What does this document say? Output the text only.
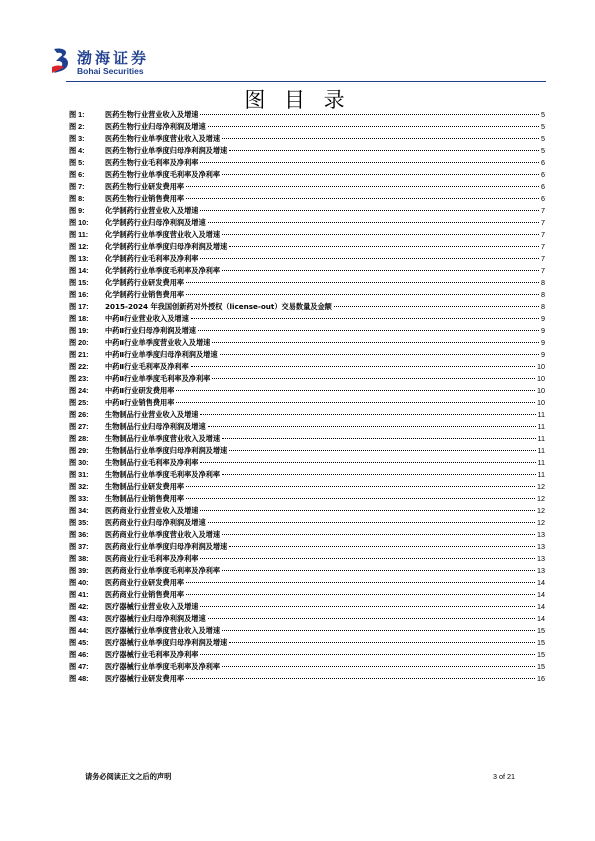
渤海证券
Bohai Securities
图 目 录
图 1:	医药生物行业营业收入及增速	5
图 2:	医药生物行业归母净利润及增速	5
图 3:	医药生物行业单季度营业收入及增速	5
图 4:	医药生物行业单季度归母净利润及增速	5
图 5:	医药生物行业毛利率及净利率	6
图 6:	医药生物行业单季度毛利率及净利率	6
图 7:	医药生物行业研发费用率	6
图 8:	医药生物行业销售费用率	6
图 9:	化学制药行业营业收入及增速	7
图 10:	化学制药行业归母净利润及增速	7
图 11:	化学制药行业单季度营业收入及增速	7
图 12:	化学制药行业单季度归母净利润及增速	7
图 13:	化学制药行业毛利率及净利率	7
图 14:	化学制药行业单季度毛利率及净利率	7
图 15:	化学制药行业研发费用率	8
图 16:	化学制药行业销售费用率	8
图 17:	2015-2024 年我国创新药对外授权（license-out）交易数量及金额	8
图 18:	中药Ⅱ行业营业收入及增速	9
图 19:	中药Ⅱ行业归母净利润及增速	9
图 20:	中药Ⅱ行业单季度营业收入及增速	9
图 21:	中药Ⅱ行业单季度归母净利润及增速	9
图 22:	中药Ⅱ行业毛利率及净利率	10
图 23:	中药Ⅱ行业单季度毛利率及净利率	10
图 24:	中药Ⅱ行业研发费用率	10
图 25:	中药Ⅱ行业销售费用率	10
图 26:	生物制品行业营业收入及增速	11
图 27:	生物制品行业归母净利润及增速	11
图 28:	生物制品行业单季度营业收入及增速	11
图 29:	生物制品行业单季度归母净利润及增速	11
图 30:	生物制品行业毛利率及净利率	11
图 31:	生物制品行业单季度毛利率及净利率	11
图 32:	生物制品行业研发费用率	12
图 33:	生物制品行业销售费用率	12
图 34:	医药商业行业营业收入及增速	12
图 35:	医药商业行业归母净利润及增速	12
图 36:	医药商业行业单季度营业收入及增速	13
图 37:	医药商业行业单季度归母净利润及增速	13
图 38:	医药商业行业毛利率及净利率	13
图 39:	医药商业行业单季度毛利率及净利率	13
图 40:	医药商业行业研发费用率	14
图 41:	医药商业行业销售费用率	14
图 42:	医疗器械行业营业收入及增速	14
图 43:	医疗器械行业归母净利润及增速	14
图 44:	医疗器械行业单季度营业收入及增速	15
图 45:	医疗器械行业单季度归母净利润及增速	15
图 46:	医疗器械行业毛利率及净利率	15
图 47:	医疗器械行业单季度毛利率及净利率	15
图 48:	医疗器械行业研发费用率	16
请务必阅读正文之后的声明	3 of 21
